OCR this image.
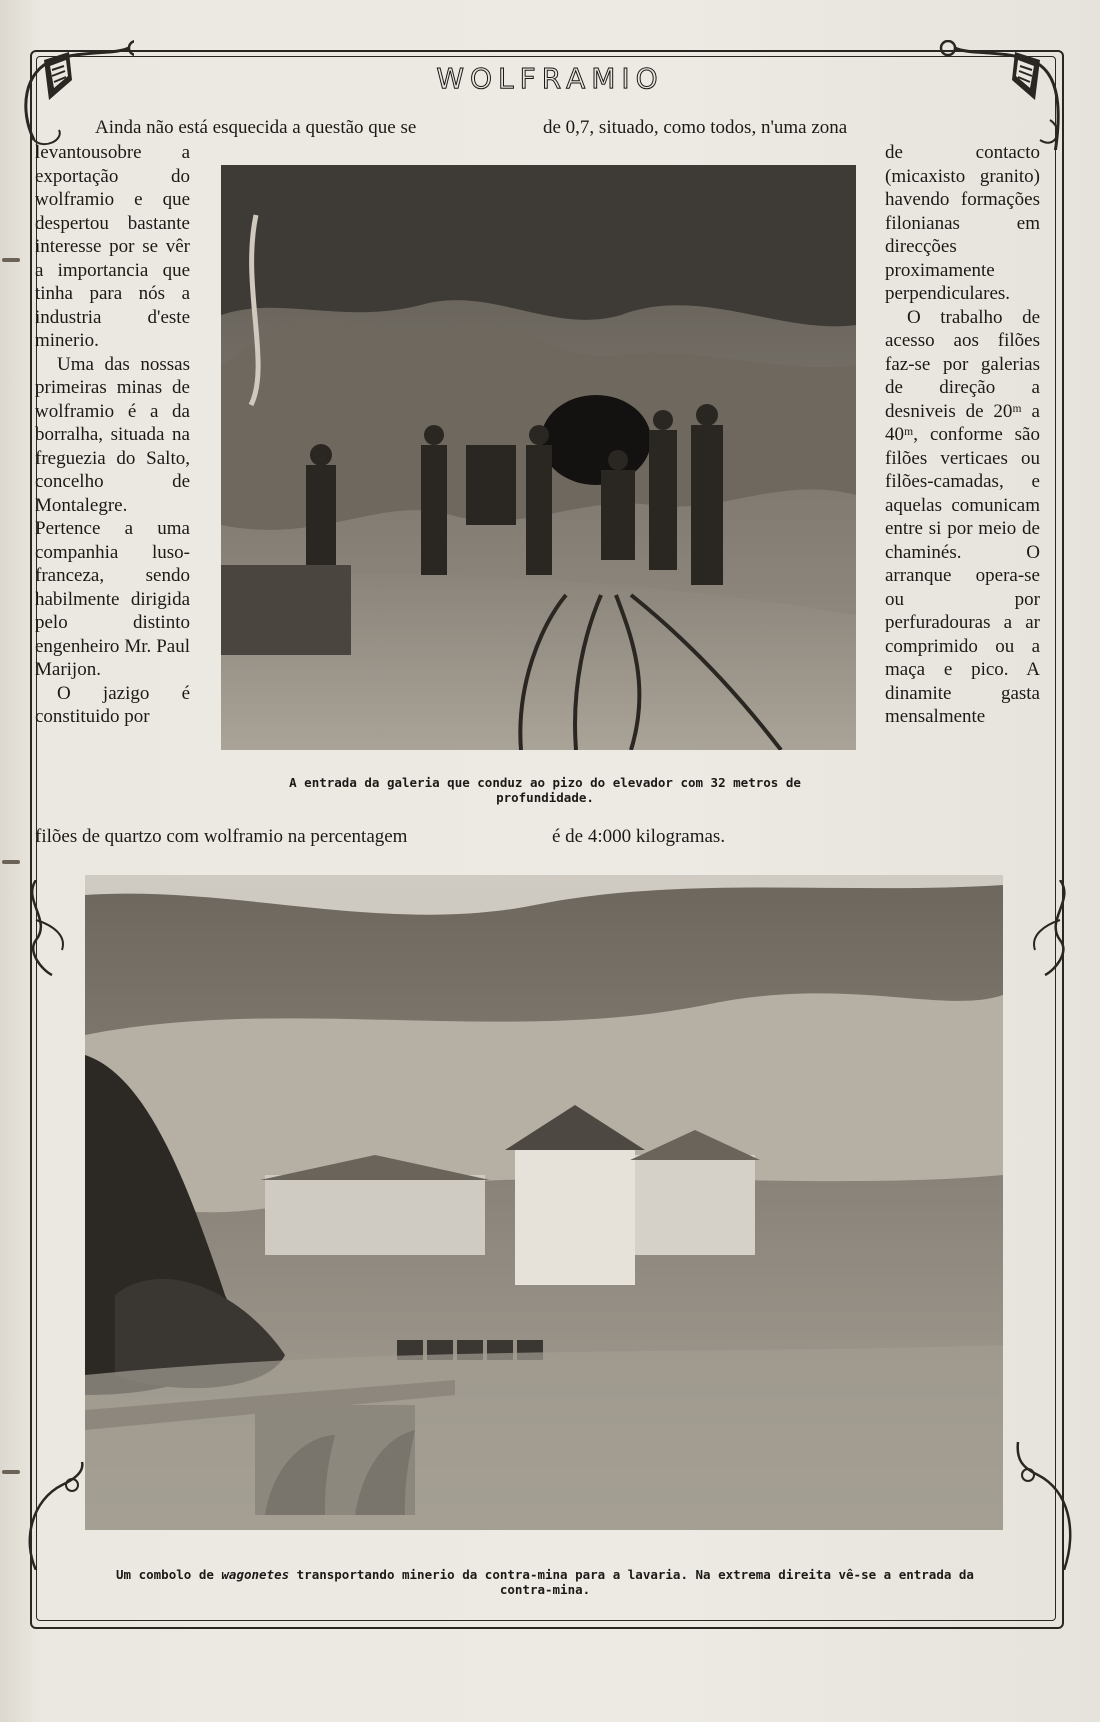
WOLFRAMIO
Ainda não está esquecida a questão que se	de 0,7, situado, como todos, n'uma zona

levantousobre a exportação do wolframio e que despertou bastante interesse por se vêr a importancia que tinha para nós a industria d'este minerio.

Uma das nossas primeiras minas de wolframio é a da borralha, situada na freguezia do Salto, concelho de Montalegre. Pertence a uma companhia luso-franceza, sendo habilmente dirigida pelo distinto engenheiro Mr. Paul Marijon.

O jazigo é constituido por

de contacto (micaxisto granito) havendo formações filonianas em direcções proximamente perpendiculares.

O trabalho de acesso aos filões faz-se por galerias de direção a desniveis de 20ᵐ a 40ᵐ, conforme são filões verticaes ou filões-camadas, e aquelas comunicam entre si por meio de chaminés. O arranque opera-se ou por perfuradouras a ar comprimido ou a maça e pico. A dinamite gasta mensalmente

A entrada da galeria que conduz ao pizo do elevador com 32 metros de profundidade.
filões de quartzo com wolframio na percentagem	é de 4:000 kilogramas.
Um combolo de wagonetes transportando minerio da contra-mina para a lavaria. Na extrema direita vê-se a entrada da contra-mina.
